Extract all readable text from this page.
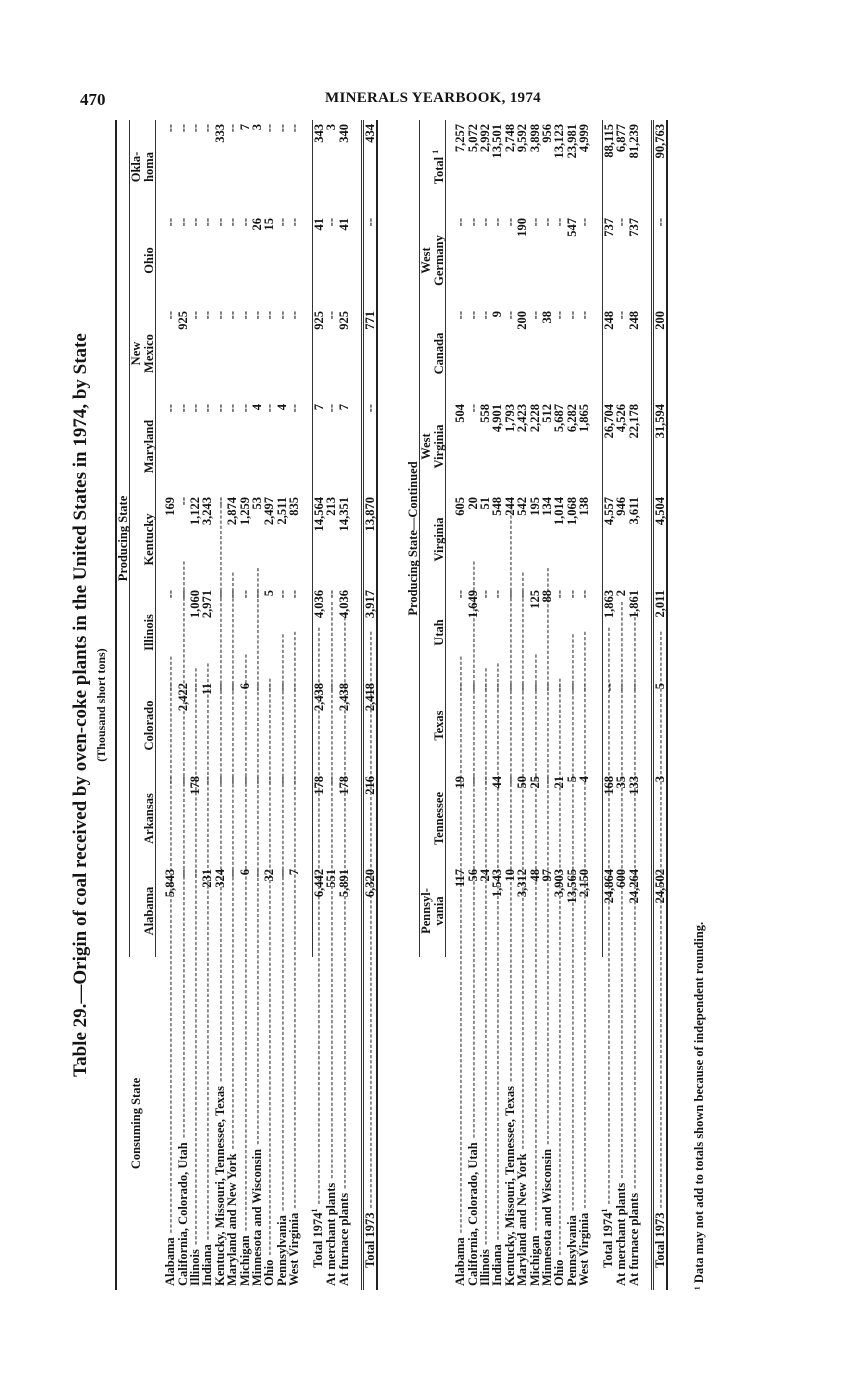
470	MINERALS YEARBOOK, 1974
Table 29.—Origin of coal received by oven-coke plants in the United States in 1974, by State (Thousand short tons)
Consuming State	Producing State								
	Alabama	Arkansas	Colorado	Illinois	Kentucky	Maryland	New
Mexico	Ohio	Okla-
homa

Alabama -----	5,843	--	--	--	169	--	--	--	--
California, Colorado, Utah -----	--	--	2,422	--	--	--	925	--	--
Illinois -----	--	178	--	1,060	1,122	--	--	--	--
Indiana -----	231	--	11	2,971	3,243	--	--	--	--
Kentucky, Missouri, Tennessee, Texas -----	324	--	--	--	--	--	--	--	333
Maryland and New York -----	--	--	--	--	2,874	--	--	--	--
Michigan -----	6	--	6	--	1,259	--	--	--	7
Minnesota and Wisconsin -----	--	--	--	--	53	4	--	26	3
Ohio -----	32	--	--	5	2,497	--	--	15	--
Pennsylvania -----	--	--	--	--	2,511	4	--	--	--
West Virginia -----	7	--	--	--	835	--	--	--	--

Total 1974$^1$ -----	6,442	178	2,438	4,036	14,564	7	925	41	343
At merchant plants -----	551	--	--	--	213	--	--	--	3
At furnace plants -----	5,891	178	2,438	4,036	14,351	7	925	41	340

Total 1973 -----	6,320	216	2,418	3,917	13,870	--	771	--	434
	Producing State—Continued								
	Pennsyl-
vania	Tennessee	Texas	Utah	Virginia	West
Virginia	Canada	West
Germany	Total $^1$

Alabama -----	117	19	--	--	605	504	--	--	7,257
California, Colorado, Utah -----	56	--	--	1,649	20	--	--	--	5,072
Illinois -----	24	--	--	--	51	558	--	--	2,992
Indiana -----	1,543	44	--	--	548	4,901	9	--	13,501
Kentucky, Missouri, Tennessee, Texas -----	10	--	--	--	244	1,793	--	--	2,748
Maryland and New York -----	3,312	50	--	--	542	2,423	200	190	9,592
Michigan -----	48	25	--	125	195	2,228	--	--	3,898
Minnesota and Wisconsin -----	97	--	--	88	134	512	38	--	956
Ohio -----	3,903	21	--	--	1,014	5,687	--	--	13,123
Pennsylvania -----	13,565	5	--	--	1,068	6,282	--	547	23,981
West Virginia -----	2,150	4	--	--	138	1,865	--	--	4,999

Total 1974$^1$ -----	24,864	168	--	1,863	4,557	26,704	248	737	88,115
At merchant plants -----	600	35	--	2	946	4,526	--	--	6,877
At furnace plants -----	24,264	133	--	1,861	3,611	22,178	248	737	81,239

Total 1973 -----	24,502	3	5	2,011	4,504	31,594	200	--	90,763
¹ Data may not add to totals shown because of independent rounding.
